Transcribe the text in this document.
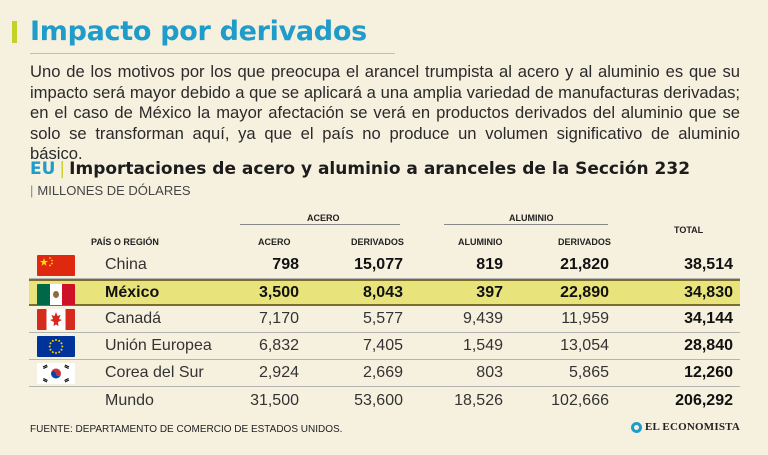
Impacto por derivados

Uno de los motivos por los que preocupa el arancel trumpista al acero y al aluminio es que su impacto será mayor debido a que se aplicará a una amplia variedad de manufacturas derivadas; en el caso de México la mayor afectación se verá en productos derivados del aluminio que se solo se transforman aquí, ya que el país no produce un volumen significativo de aluminio básico.

EU | Importaciones de acero y aluminio a aranceles de la Sección 232
| MILLONES DE DÓLARES
ACERO	ALUMINIO
PAÍS O REGIÓN	ACERO	DERIVADOS	ALUMINIO	DERIVADOS
TOTAL
China	798	15,077	819	21,820	38,514
México	3,500	8,043	397	22,890	34,830
Canadá	7,170	5,577	9,439	11,959	34,144
Unión Europea	6,832	7,405	1,549	13,054	28,840
Corea del Sur	2,924	2,669	803	5,865	12,260
Mundo	31,500	53,600	18,526	102,666	206,292
FUENTE: DEPARTAMENTO DE COMERCIO DE ESTADOS UNIDOS.	EL ECONOMISTA
